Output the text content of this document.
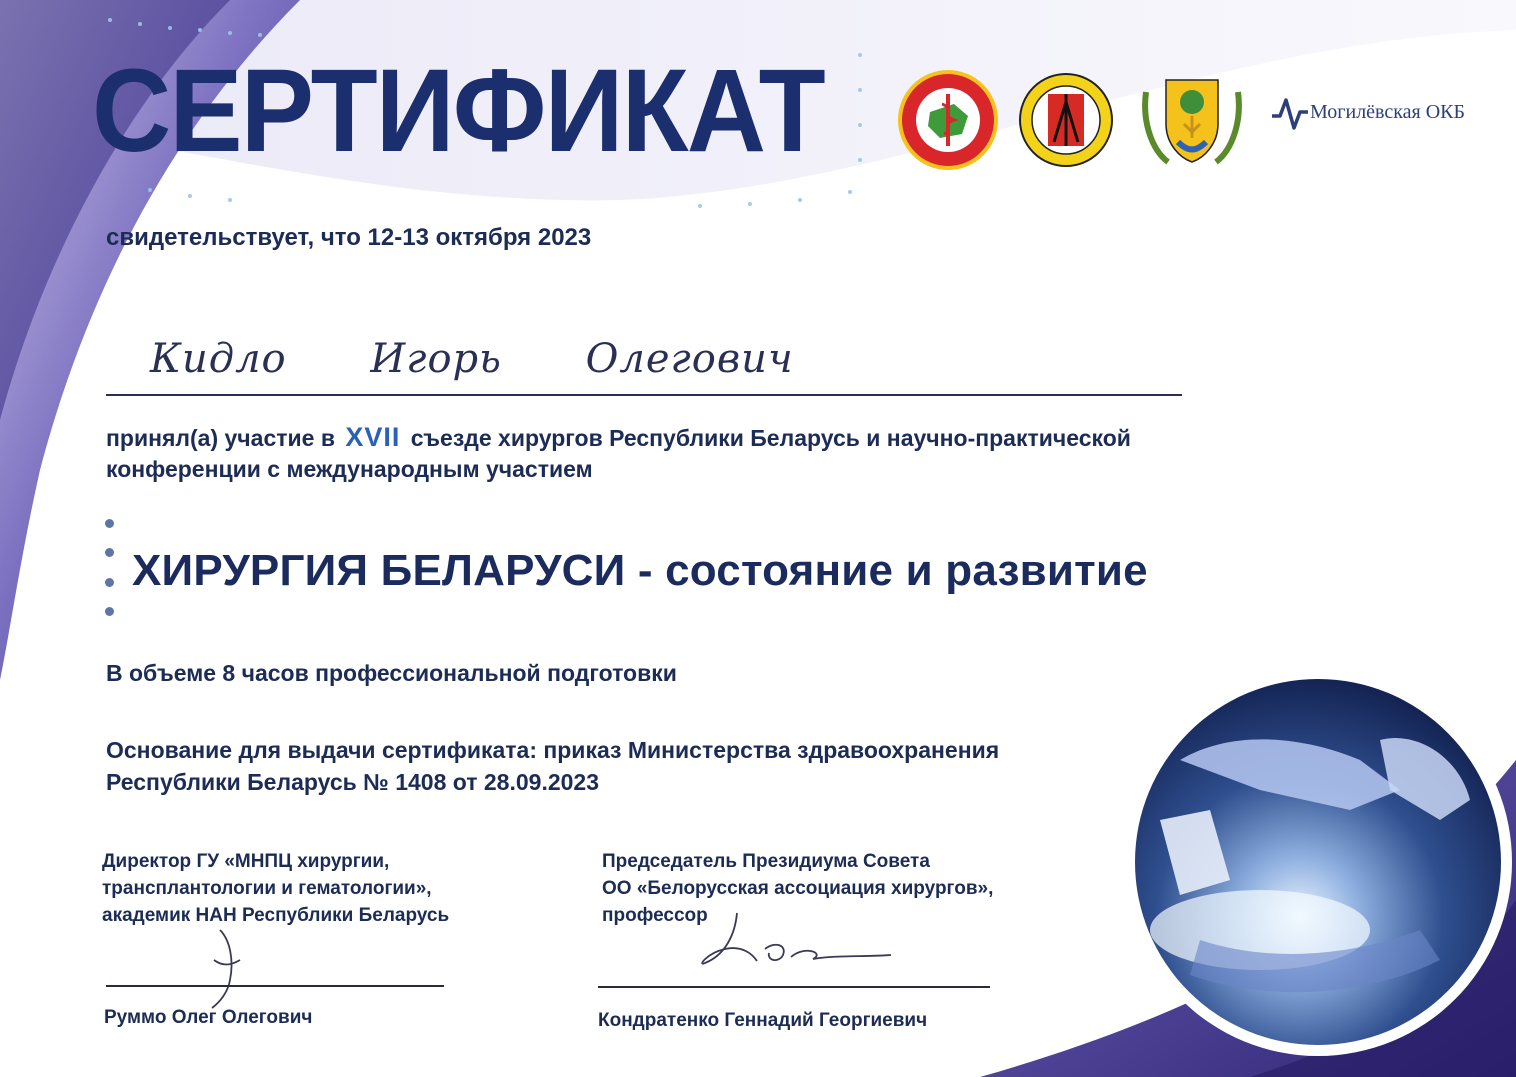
СЕРТИФИКАТ	Могилёвская ОКБ
свидетельствует, что 12-13 октября 2023
Кидло Игорь Олегович
принял(а) участие в XVII съезде хирургов Республики Беларусь и научно-практической конференции с международным участием
ХИРУРГИЯ БЕЛАРУСИ - состояние и развитие
В объеме 8 часов профессиональной подготовки
Основание для выдачи сертификата: приказ Министерства здравоохранения Республики Беларусь № 1408 от 28.09.2023
Директор ГУ «МНПЦ хирургии,
трансплантологии и гематологии»,
академик НАН Республики Беларусь
Руммо Олег Олегович
Председатель Президиума Совета
ОО «Белорусская ассоциация хирургов»,
профессор
Кондратенко Геннадий Георгиевич
